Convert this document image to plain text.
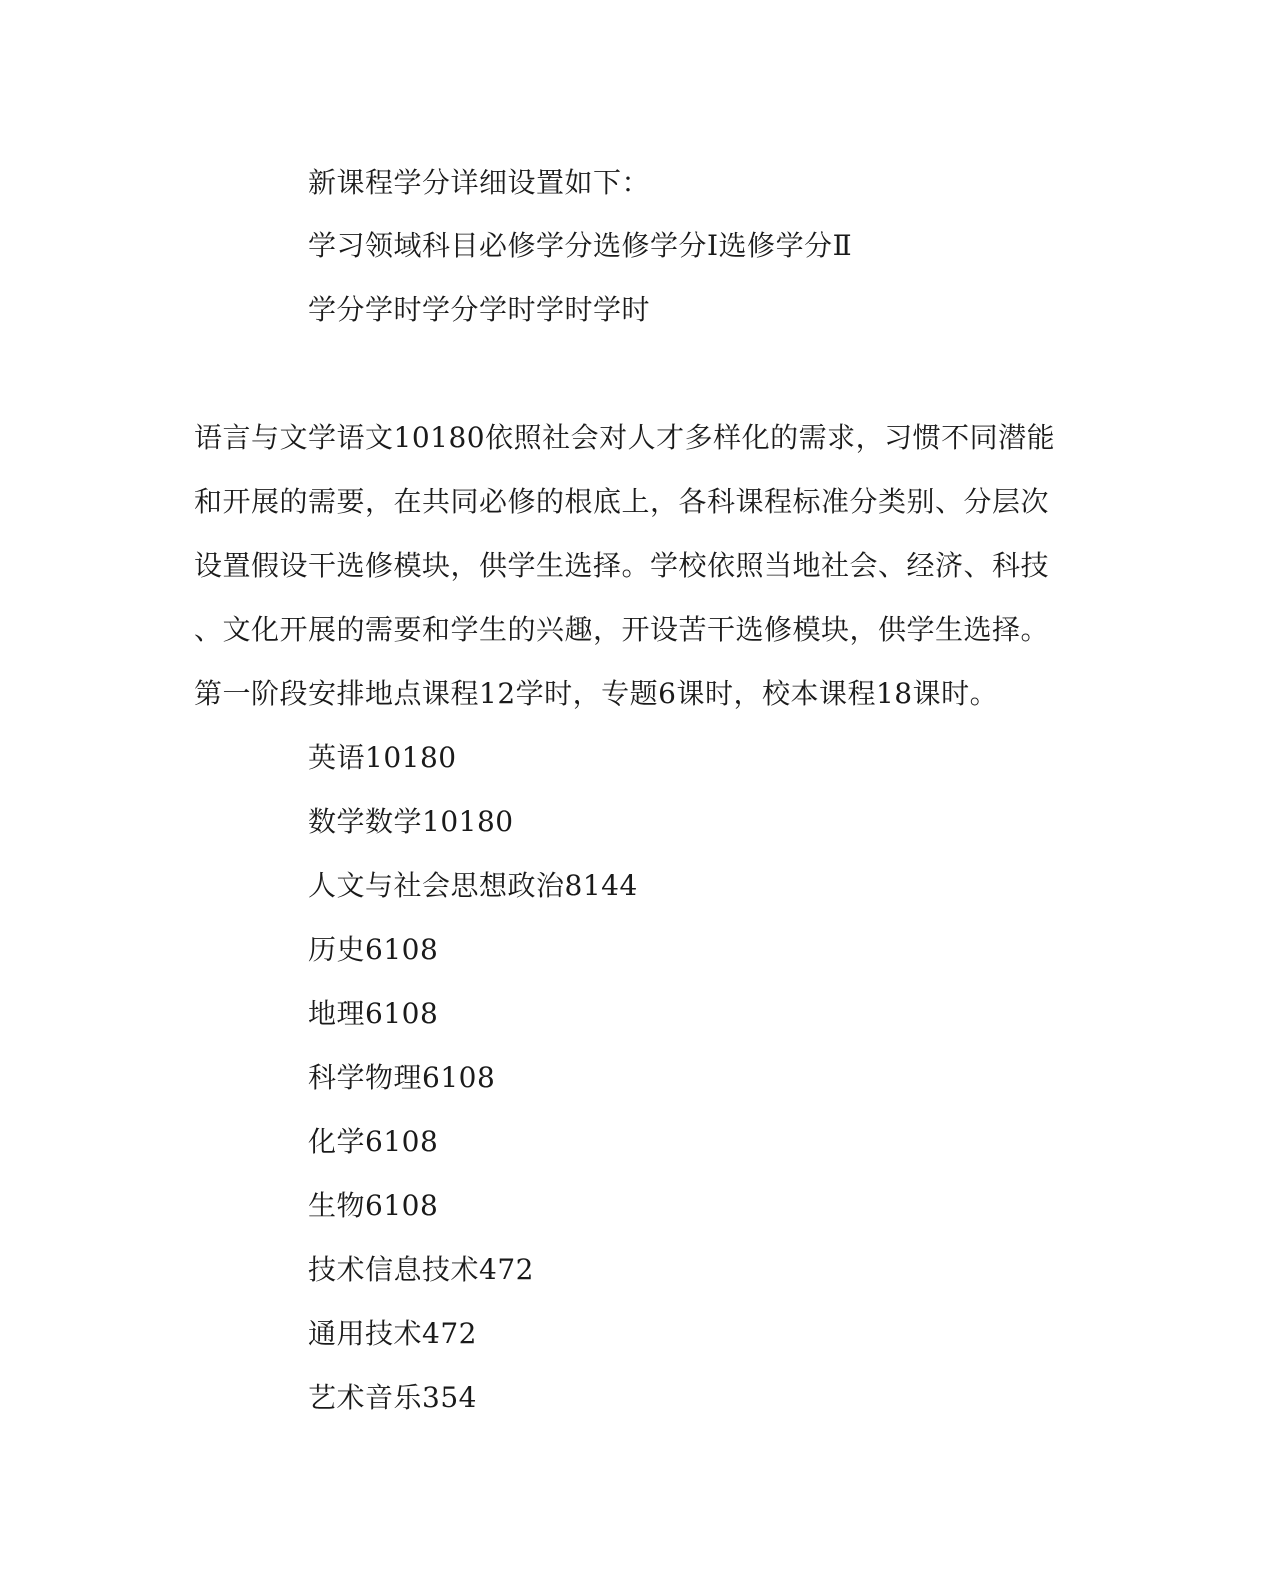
新课程学分详细设置如下：
学习领域科目必修学分选修学分Ⅰ选修学分Ⅱ
学分学时学分学时学时学时
语言与文学语文10180依照社会对人才多样化的需求，习惯不同潜能
和开展的需要，在共同必修的根底上，各科课程标准分类别、分层次
设置假设干选修模块，供学生选择。学校依照当地社会、经济、科技
、文化开展的需要和学生的兴趣，开设苦干选修模块，供学生选择。
第一阶段安排地点课程12学时，专题6课时，校本课程18课时。
英语10180
数学数学10180
人文与社会思想政治8144
历史6108
地理6108
科学物理6108
化学6108
生物6108
技术信息技术472
通用技术472
艺术音乐354
